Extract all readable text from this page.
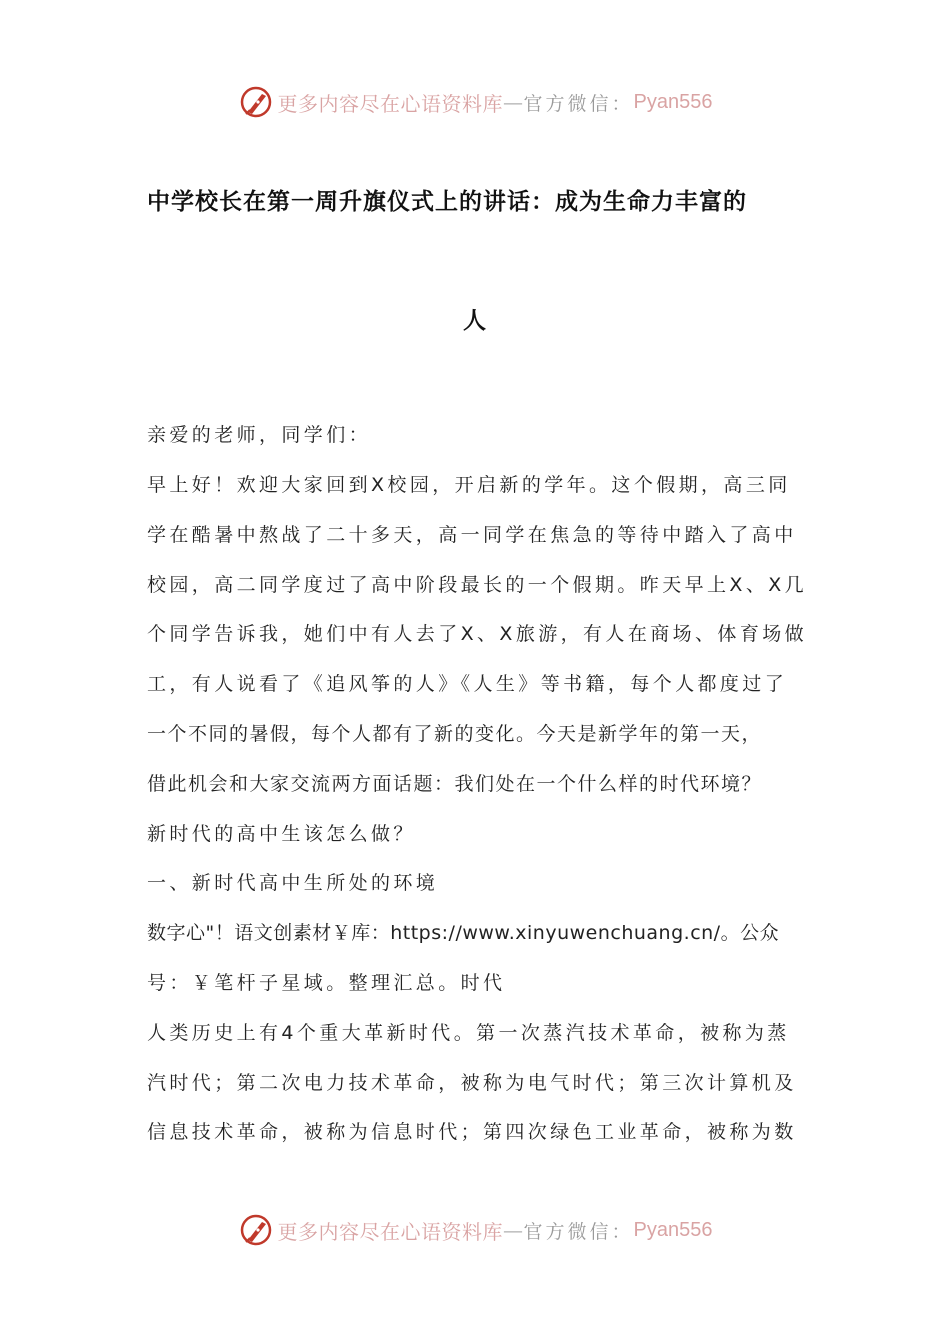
更多内容尽在心语资料库 — 官方微信： Pyan556
中学校长在第一周升旗仪式上的讲话：成为生命力丰富的
人
亲爱的老师，同学们：
早上好！欢迎大家回到X校园，开启新的学年。这个假期，高三同
学在酷暑中熬战了二十多天，高一同学在焦急的等待中踏入了高中
校园，高二同学度过了高中阶段最长的一个假期。昨天早上X、X几
个同学告诉我，她们中有人去了X、X旅游，有人在商场、体育场做
工，有人说看了《追风筝的人》《人生》等书籍，每个人都度过了
一个不同的暑假，每个人都有了新的变化。今天是新学年的第一天，
借此机会和大家交流两方面话题：我们处在一个什么样的时代环境？
新时代的高中生该怎么做？
一、新时代高中生所处的环境
数字心"！语文创素材￥库：https://www.xinyuwenchuang.cn/。公众
号：￥笔杆子星域。整理汇总。时代
人类历史上有4个重大革新时代。第一次蒸汽技术革命，被称为蒸
汽时代；第二次电力技术革命，被称为电气时代；第三次计算机及
信息技术革命，被称为信息时代；第四次绿色工业革命，被称为数
更多内容尽在心语资料库 — 官方微信： Pyan556
